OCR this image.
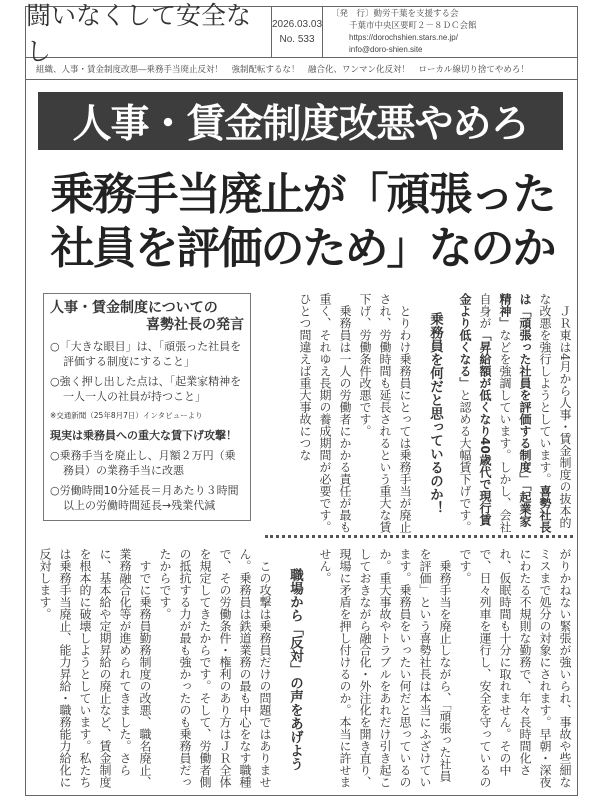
闘いなくして安全なし
2026.03.03
No. 533
〔発　行〕動労千葉を支援する会
千葉市中央区要町２－８ＤＣ会館
https://dorochshien.stars.ne.jp/
info@doro-shien.site
組織、人事・賃金制度改悪―乗務手当廃止反対！　強制配転するな！　融合化、ワンマン化反対！　ローカル線切り捨てやめろ！
人事・賃金制度改悪やめろ
乗務手当廃止が「頑張った
社員を評価のため」なのか
人事・賃金制度についての
喜勢社長の発言
○「大きな眼目」は、「頑張った社員を評価する制度にすること」
○強く押し出した点は、「起業家精神を一人一人の社員が持つこと」
※交通新聞（25年8月7日）インタビューより
現実は乗務員への重大な賃下げ攻撃！
○乗務手当を廃止し、月額２万円（乗務員）の業務手当に改悪
○労働時間10分延長＝月あたり３時間以上の労働時間延長→残業代減	ＪＲ東は4月から人事・賃金制度の抜本的な改悪を強行しようとしています。喜勢社長は「頑張った社員を評価する制度」「起業家精神」などを強調しています。しかし、会社自身が「昇給額が低くなり40歳代で現行賃金より低くなる」と認める大幅賃下げです。

乗務員を何だと思っているのか！

とりわけ乗務員にとっては乗務手当が廃止され、労働時間も延長されるという重大な賃下げ、労働条件改悪です。

乗務員は一人の労働者にかかる責任が最も重く、それゆえ長期の養成期間が必要です。ひとつ間違えば重大事故につな

がりかねない緊張が強いられ、事故や些細なミスまで処分の対象にされます。早朝・深夜にわたる不規則な勤務で、年々長時間化され、仮眠時間も十分に取れません。その中で、日々列車を運行し、安全を守っているのです。

乗務手当を廃止しながら、「頑張った社員を評価」という喜勢社長は本当にふざけています。乗務員をいったい何だと思っているのか。重大事故やトラブルをあれだけ引き起こしておきながら融合化・外注化を開き直り、現場に矛盾を押し付けるのか。本当に許せません。

職場から「反対」の声をあげよう

この攻撃は乗務員だけの問題ではありません。乗務員は鉄道業務の最も中心をなす職種で、その労働条件・権利のあり方はＪＲ全体を規定してきたからです。そして、労働者側の抵抗する力が最も強かったのも乗務員だったからです。

すでに乗務員勤務制度の改悪、職名廃止、業務融合化等が進められてきました。さらに、基本給や定期昇給の廃止など、賃金制度を根本的に破壊しようとしています。私たちは乗務手当廃止、能力昇給・職務能力給化に反対します。
